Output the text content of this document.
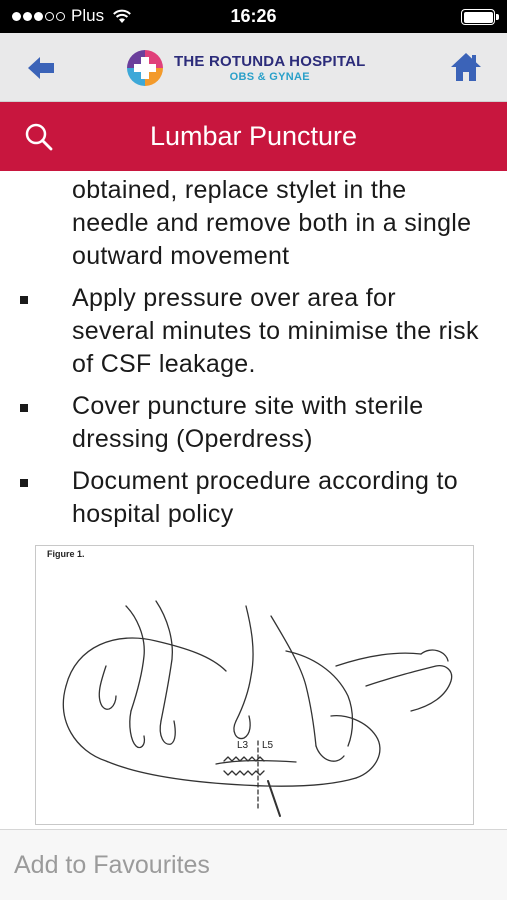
Plus	16:26
THE ROTUNDA HOSPITAL
OBS & GYNAE
Lumbar Puncture

obtained, replace stylet in the needle and remove both in a single outward movement

Apply pressure over area for several minutes to minimise the risk of CSF leakage.
Cover puncture site with sterile dressing (Operdress)
Document procedure according to hospital policy
Figure 1.
L3 L5
Add to Favourites
